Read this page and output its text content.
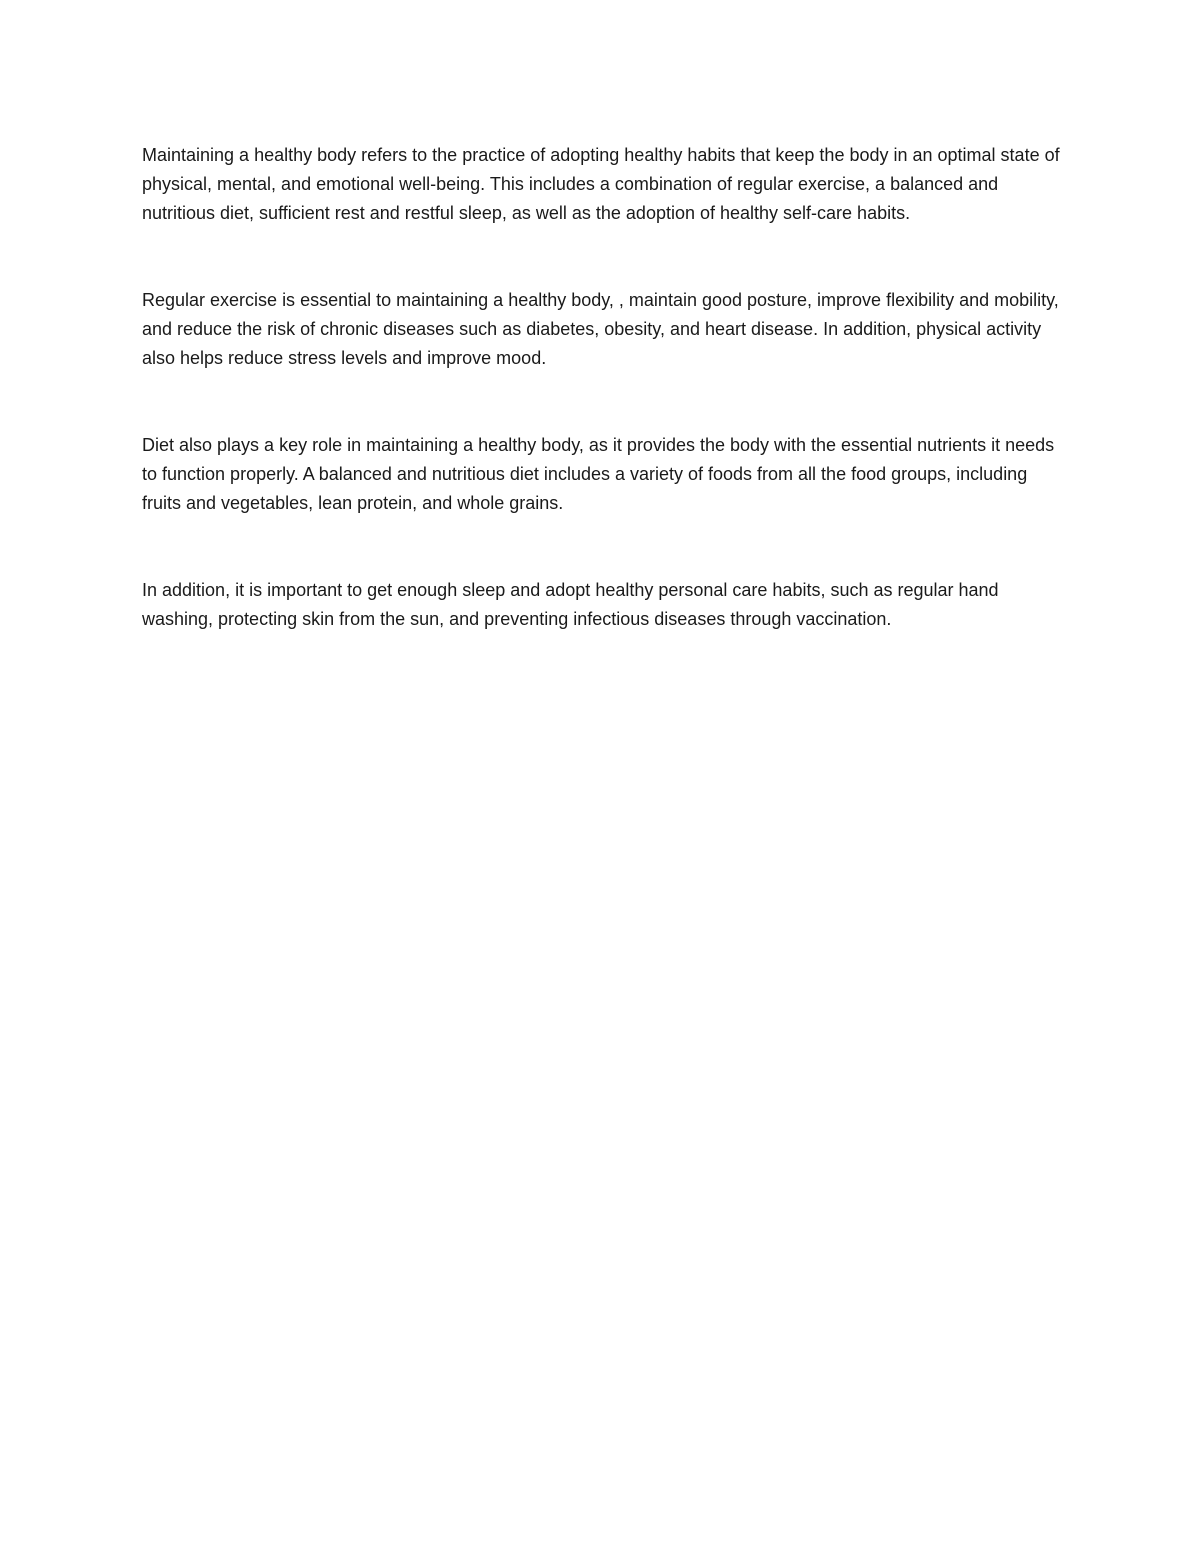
Maintaining a healthy body refers to the practice of adopting healthy habits that keep the body in an optimal state of physical, mental, and emotional well-being. This includes a combination of regular exercise, a balanced and nutritious diet, sufficient rest and restful sleep, as well as the adoption of healthy self-care habits.

Regular exercise is essential to maintaining a healthy body, , maintain good posture, improve flexibility and mobility, and reduce the risk of chronic diseases such as diabetes, obesity, and heart disease. In addition, physical activity also helps reduce stress levels and improve mood.

Diet also plays a key role in maintaining a healthy body, as it provides the body with the essential nutrients it needs to function properly. A balanced and nutritious diet includes a variety of foods from all the food groups, including fruits and vegetables, lean protein, and whole grains.

In addition, it is important to get enough sleep and adopt healthy personal care habits, such as regular hand washing, protecting skin from the sun, and preventing infectious diseases through vaccination.
